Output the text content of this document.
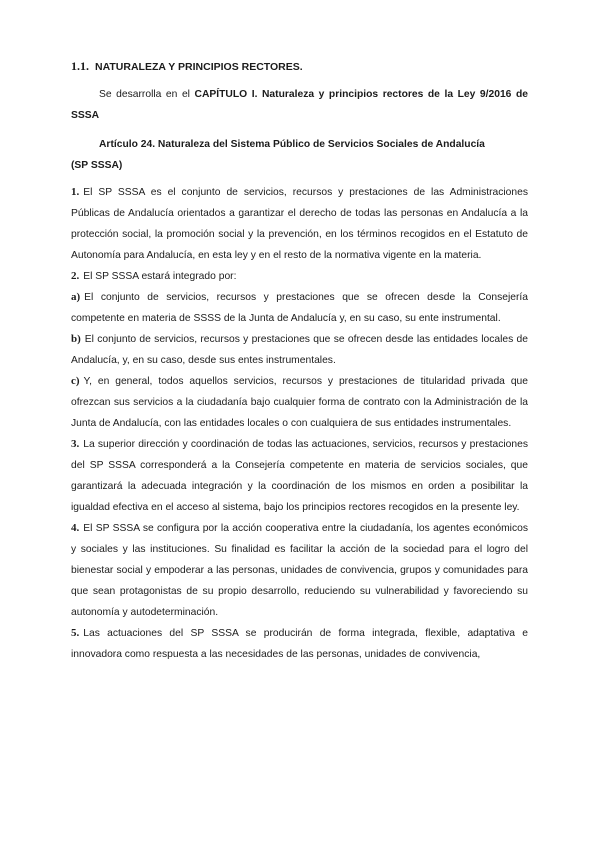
1.1. NATURALEZA Y PRINCIPIOS RECTORES.

Se desarrolla en el CAPÍTULO I. Naturaleza y principios rectores de la Ley 9/2016 de SSSA

Artículo 24. Naturaleza del Sistema Público de Servicios Sociales de Andalucía
(SP SSSA)

1. El SP SSSA es el conjunto de servicios, recursos y prestaciones de las Administraciones Públicas de Andalucía orientados a garantizar el derecho de todas las personas en Andalucía a la protección social, la promoción social y la prevención, en los términos recogidos en el Estatuto de Autonomía para Andalucía, en esta ley y en el resto de la normativa vigente en la materia.

2. El SP SSSA estará integrado por:

a) El conjunto de servicios, recursos y prestaciones que se ofrecen desde la Consejería competente en materia de SSSS de la Junta de Andalucía y, en su caso, su ente instrumental.

b) El conjunto de servicios, recursos y prestaciones que se ofrecen desde las entidades locales de Andalucía, y, en su caso, desde sus entes instrumentales.

c) Y, en general, todos aquellos servicios, recursos y prestaciones de titularidad privada que ofrezcan sus servicios a la ciudadanía bajo cualquier forma de contrato con la Administración de la Junta de Andalucía, con las entidades locales o con cualquiera de sus entidades instrumentales.

3. La superior dirección y coordinación de todas las actuaciones, servicios, recursos y prestaciones del SP SSSA corresponderá a la Consejería competente en materia de servicios sociales, que garantizará la adecuada integración y la coordinación de los mismos en orden a posibilitar la igualdad efectiva en el acceso al sistema, bajo los principios rectores recogidos en la presente ley.

4. El SP SSSA se configura por la acción cooperativa entre la ciudadanía, los agentes económicos y sociales y las instituciones. Su finalidad es facilitar la acción de la sociedad para el logro del bienestar social y empoderar a las personas, unidades de convivencia, grupos y comunidades para que sean protagonistas de su propio desarrollo, reduciendo su vulnerabilidad y favoreciendo su autonomía y autodeterminación.

5. Las actuaciones del SP SSSA se producirán de forma integrada, flexible, adaptativa e innovadora como respuesta a las necesidades de las personas, unidades de convivencia,
